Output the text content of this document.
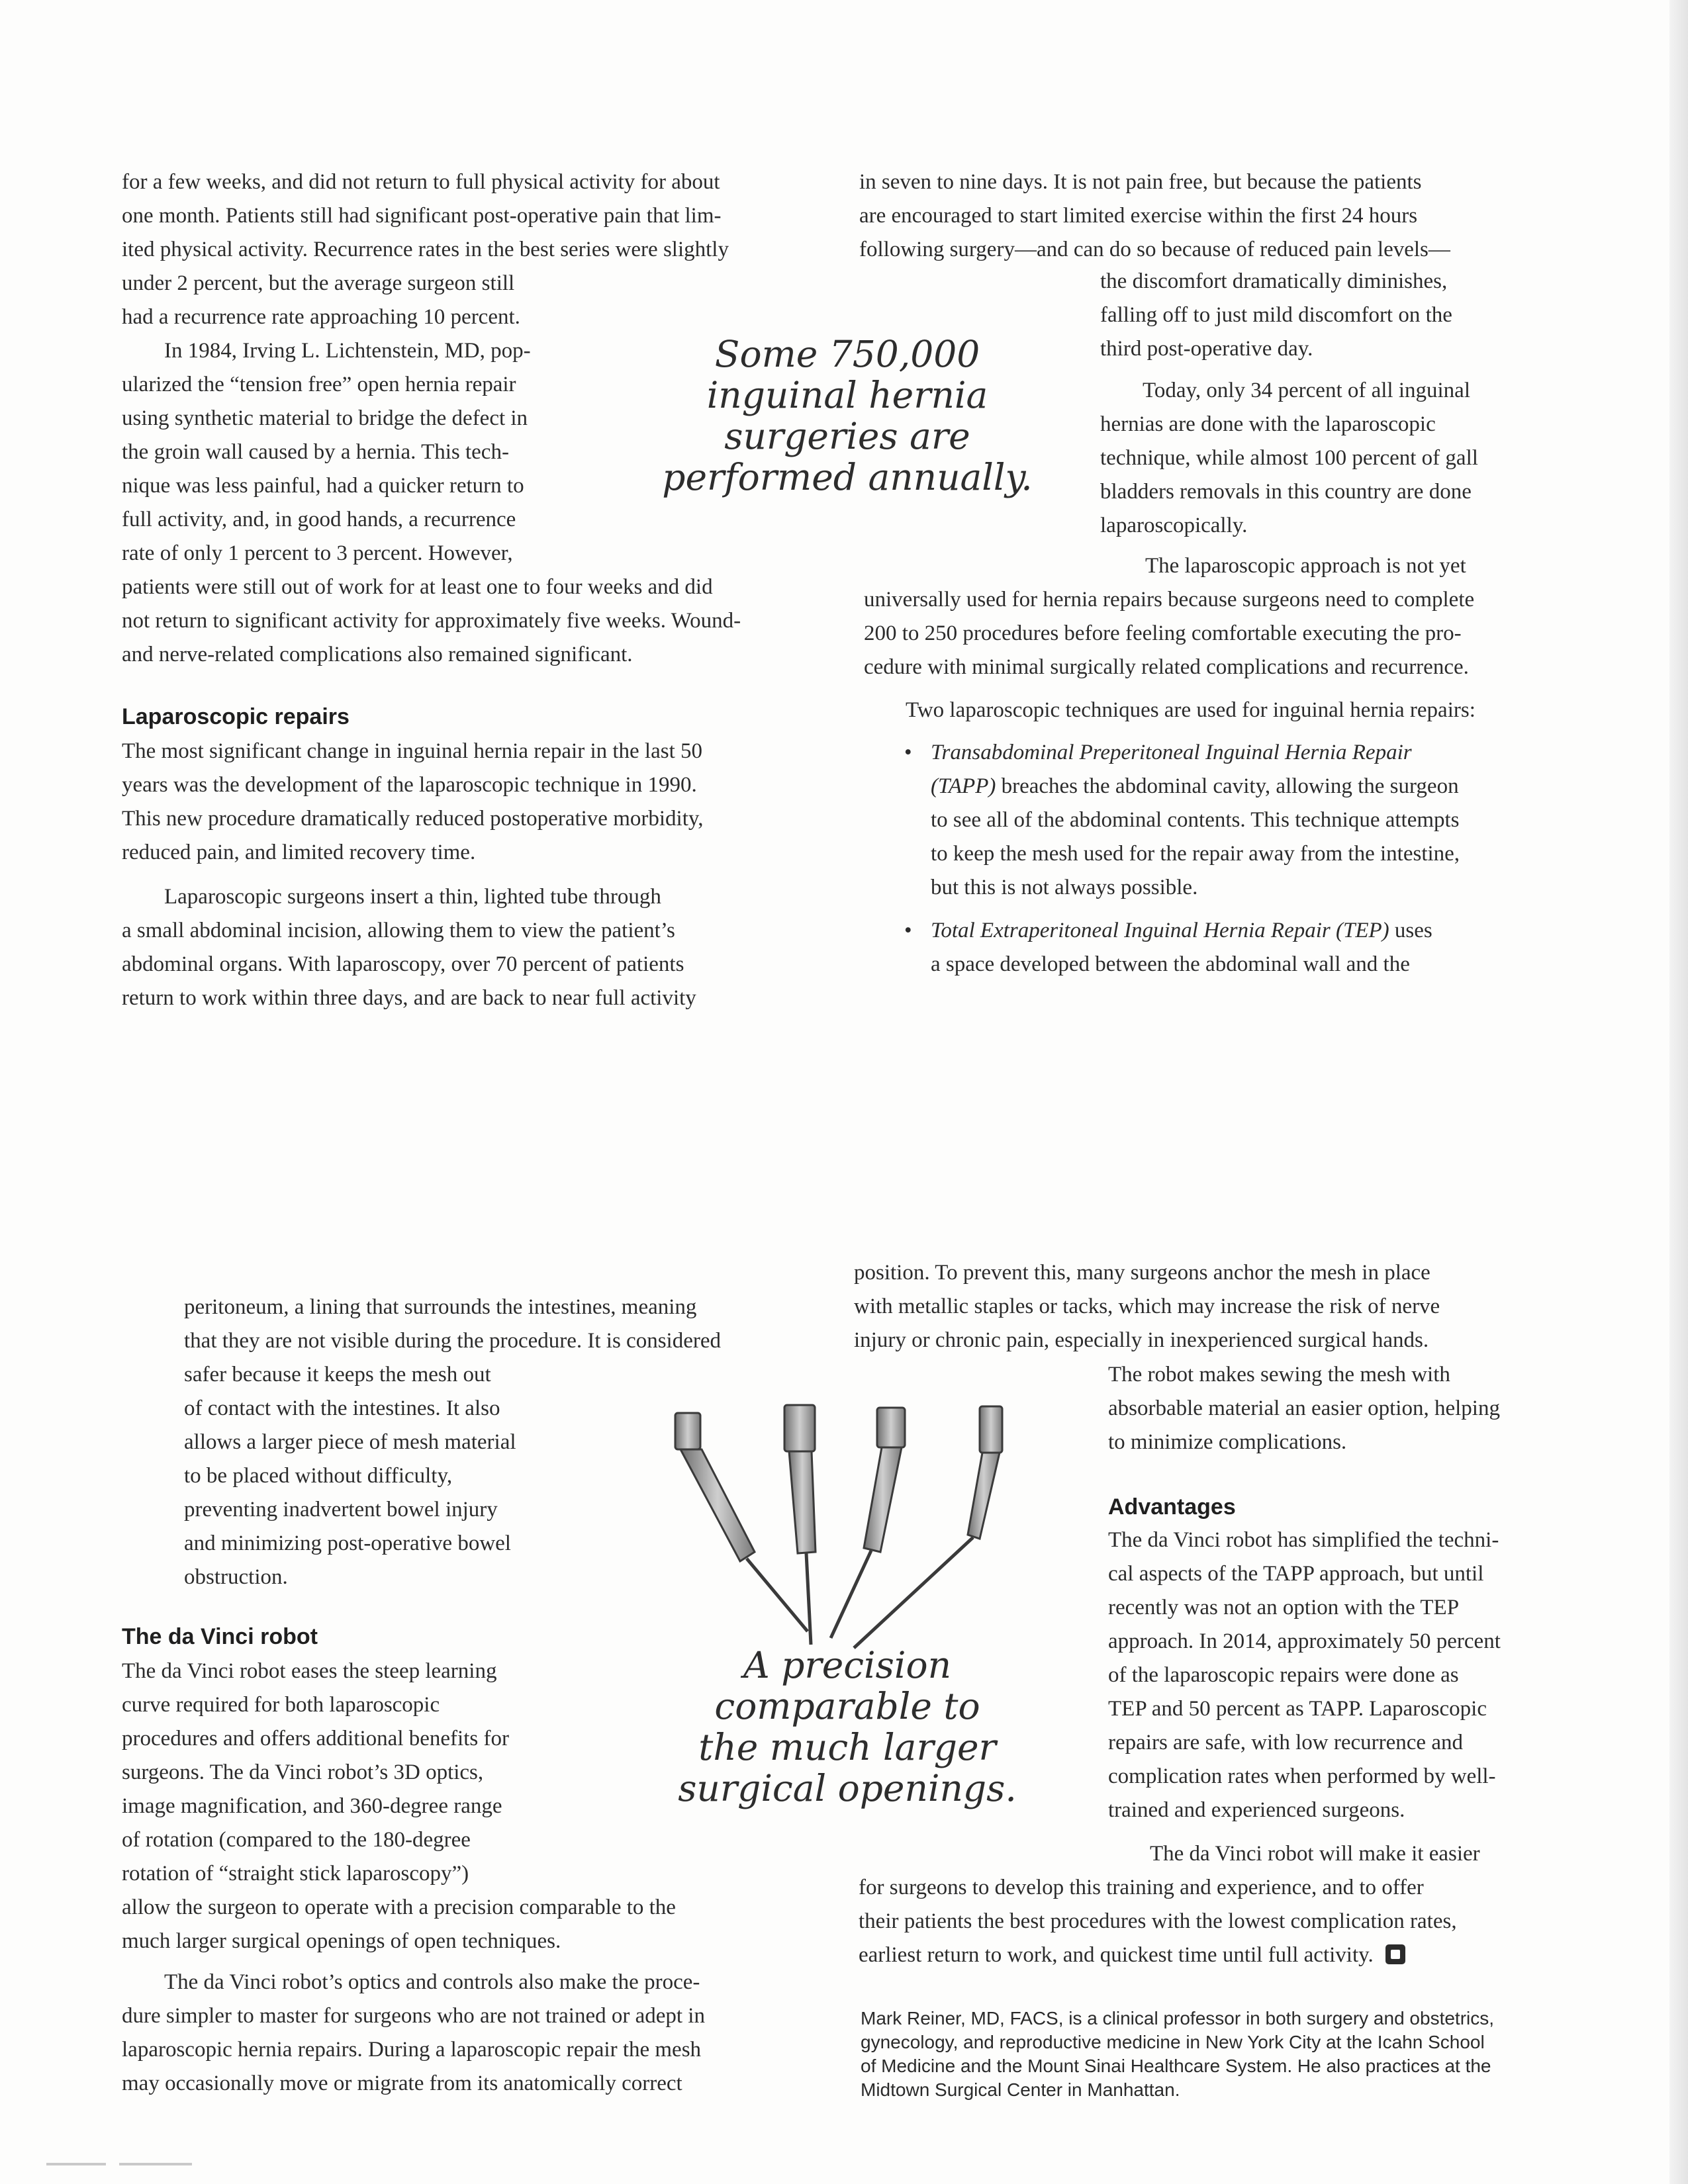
for a few weeks, and did not return to full physical activity for about
one month. Patients still had significant post-operative pain that lim-
ited physical activity. Recurrence rates in the best series were slightly
under 2 percent, but the average surgeon still
had a recurrence rate approaching 10 percent.
In 1984, Irving L. Lichtenstein, MD, pop-
ularized the “tension free” open hernia repair
using synthetic material to bridge the defect in
the groin wall caused by a hernia. This tech-
nique was less painful, had a quicker return to
full activity, and, in good hands, a recurrence
rate of only 1 percent to 3 percent. However,
patients were still out of work for at least one to four weeks and did
not return to significant activity for approximately five weeks. Wound-
and nerve-related complications also remained significant.
Laparoscopic repairs
The most significant change in inguinal hernia repair in the last 50
years was the development of the laparoscopic technique in 1990.
This new procedure dramatically reduced postoperative morbidity,
reduced pain, and limited recovery time.
Laparoscopic surgeons insert a thin, lighted tube through
a small abdominal incision, allowing them to view the patient’s
abdominal organs. With laparoscopy, over 70 percent of patients
return to work within three days, and are back to near full activity
Some 750,000
inguinal hernia
surgeries are
performed annually.
in seven to nine days. It is not pain free, but because the patients
are encouraged to start limited exercise within the first 24 hours
following surgery—and can do so because of reduced pain levels—
the discomfort dramatically diminishes,
falling off to just mild discomfort on the
third post-operative day.
Today, only 34 percent of all inguinal
hernias are done with the laparoscopic
technique, while almost 100 percent of gall
bladders removals in this country are done
laparoscopically.
The laparoscopic approach is not yet
universally used for hernia repairs because surgeons need to complete
200 to 250 procedures before feeling comfortable executing the pro-
cedure with minimal surgically related complications and recurrence.
Two laparoscopic techniques are used for inguinal hernia repairs:
• Transabdominal Preperitoneal Inguinal Hernia Repair
(TAPP) breaches the abdominal cavity, allowing the surgeon
to see all of the abdominal contents. This technique attempts
to keep the mesh used for the repair away from the intestine,
but this is not always possible.
• Total Extraperitoneal Inguinal Hernia Repair (TEP) uses
a space developed between the abdominal wall and the
peritoneum, a lining that surrounds the intestines, meaning
that they are not visible during the procedure. It is considered
safer because it keeps the mesh out
of contact with the intestines. It also
allows a larger piece of mesh material
to be placed without difficulty,
preventing inadvertent bowel injury
and minimizing post-operative bowel
obstruction.
The da Vinci robot
The da Vinci robot eases the steep learning
curve required for both laparoscopic
procedures and offers additional benefits for
surgeons. The da Vinci robot’s 3D optics,
image magnification, and 360-degree range
of rotation (compared to the 180-degree
rotation of “straight stick laparoscopy”)
allow the surgeon to operate with a precision comparable to the
much larger surgical openings of open techniques.
The da Vinci robot’s optics and controls also make the proce-
dure simpler to master for surgeons who are not trained or adept in
laparoscopic hernia repairs. During a laparoscopic repair the mesh
may occasionally move or migrate from its anatomically correct
A precision
comparable to
the much larger
surgical openings.
position. To prevent this, many surgeons anchor the mesh in place
with metallic staples or tacks, which may increase the risk of nerve
injury or chronic pain, especially in inexperienced surgical hands.
The robot makes sewing the mesh with
absorbable material an easier option, helping
to minimize complications.
Advantages
The da Vinci robot has simplified the techni-
cal aspects of the TAPP approach, but until
recently was not an option with the TEP
approach. In 2014, approximately 50 percent
of the laparoscopic repairs were done as
TEP and 50 percent as TAPP. Laparoscopic
repairs are safe, with low recurrence and
complication rates when performed by well-
trained and experienced surgeons.
The da Vinci robot will make it easier
for surgeons to develop this training and experience, and to offer
their patients the best procedures with the lowest complication rates,
earliest return to work, and quickest time until full activity.
Mark Reiner, MD, FACS, is a clinical professor in both surgery and obstetrics,
gynecology, and reproductive medicine in New York City at the Icahn School
of Medicine and the Mount Sinai Healthcare System. He also practices at the
Midtown Surgical Center in Manhattan.
